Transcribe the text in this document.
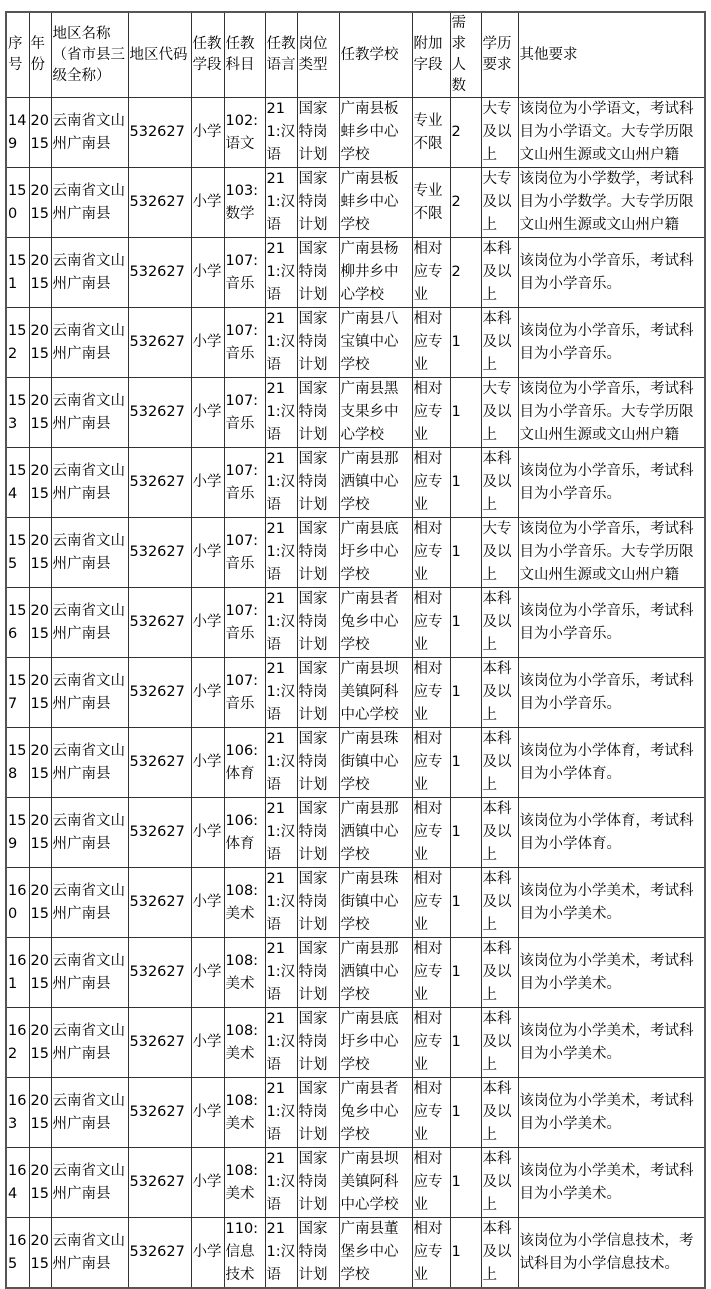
序号	年份	地区名称（省市县三级全称）	地区代码	任教学段	任教科目	任教语言	岗位类型	任教学校	附加字段	需求人数	学历要求	其他要求
149	2015	云南省文山州广南县	532627	小学	102:语文	211:汉语	国家特岗计划	广南县板蚌乡中心学校	专业不限	2	大专及以上	该岗位为小学语文，考试科目为小学语文。大专学历限文山州生源或文山州户籍
150	2015	云南省文山州广南县	532627	小学	103:数学	211:汉语	国家特岗计划	广南县板蚌乡中心学校	专业不限	2	大专及以上	该岗位为小学数学，考试科目为小学数学。大专学历限文山州生源或文山州户籍
151	2015	云南省文山州广南县	532627	小学	107:音乐	211:汉语	国家特岗计划	广南县杨柳井乡中心学校	相对应专业	2	本科及以上	该岗位为小学音乐，考试科目为小学音乐。
152	2015	云南省文山州广南县	532627	小学	107:音乐	211:汉语	国家特岗计划	广南县八宝镇中心学校	相对应专业	1	本科及以上	该岗位为小学音乐，考试科目为小学音乐。
153	2015	云南省文山州广南县	532627	小学	107:音乐	211:汉语	国家特岗计划	广南县黑支果乡中心学校	相对应专业	1	大专及以上	该岗位为小学音乐，考试科目为小学音乐。大专学历限文山州生源或文山州户籍
154	2015	云南省文山州广南县	532627	小学	107:音乐	211:汉语	国家特岗计划	广南县那洒镇中心学校	相对应专业	1	本科及以上	该岗位为小学音乐，考试科目为小学音乐。
155	2015	云南省文山州广南县	532627	小学	107:音乐	211:汉语	国家特岗计划	广南县底圩乡中心学校	相对应专业	1	大专及以上	该岗位为小学音乐，考试科目为小学音乐。大专学历限文山州生源或文山州户籍
156	2015	云南省文山州广南县	532627	小学	107:音乐	211:汉语	国家特岗计划	广南县者兔乡中心学校	相对应专业	1	本科及以上	该岗位为小学音乐，考试科目为小学音乐。
157	2015	云南省文山州广南县	532627	小学	107:音乐	211:汉语	国家特岗计划	广南县坝美镇阿科中心学校	相对应专业	1	本科及以上	该岗位为小学音乐，考试科目为小学音乐。
158	2015	云南省文山州广南县	532627	小学	106:体育	211:汉语	国家特岗计划	广南县珠街镇中心学校	相对应专业	1	本科及以上	该岗位为小学体育，考试科目为小学体育。
159	2015	云南省文山州广南县	532627	小学	106:体育	211:汉语	国家特岗计划	广南县那洒镇中心学校	相对应专业	1	本科及以上	该岗位为小学体育，考试科目为小学体育。
160	2015	云南省文山州广南县	532627	小学	108:美术	211:汉语	国家特岗计划	广南县珠街镇中心学校	相对应专业	1	本科及以上	该岗位为小学美术，考试科目为小学美术。
161	2015	云南省文山州广南县	532627	小学	108:美术	211:汉语	国家特岗计划	广南县那洒镇中心学校	相对应专业	1	本科及以上	该岗位为小学美术，考试科目为小学美术。
162	2015	云南省文山州广南县	532627	小学	108:美术	211:汉语	国家特岗计划	广南县底圩乡中心学校	相对应专业	1	本科及以上	该岗位为小学美术，考试科目为小学美术。
163	2015	云南省文山州广南县	532627	小学	108:美术	211:汉语	国家特岗计划	广南县者兔乡中心学校	相对应专业	1	本科及以上	该岗位为小学美术，考试科目为小学美术。
164	2015	云南省文山州广南县	532627	小学	108:美术	211:汉语	国家特岗计划	广南县坝美镇阿科中心学校	相对应专业	1	本科及以上	该岗位为小学美术，考试科目为小学美术。
165	2015	云南省文山州广南县	532627	小学	110:信息技术	211:汉语	国家特岗计划	广南县董堡乡中心学校	相对应专业	1	本科及以上	该岗位为小学信息技术，考试科目为小学信息技术。
